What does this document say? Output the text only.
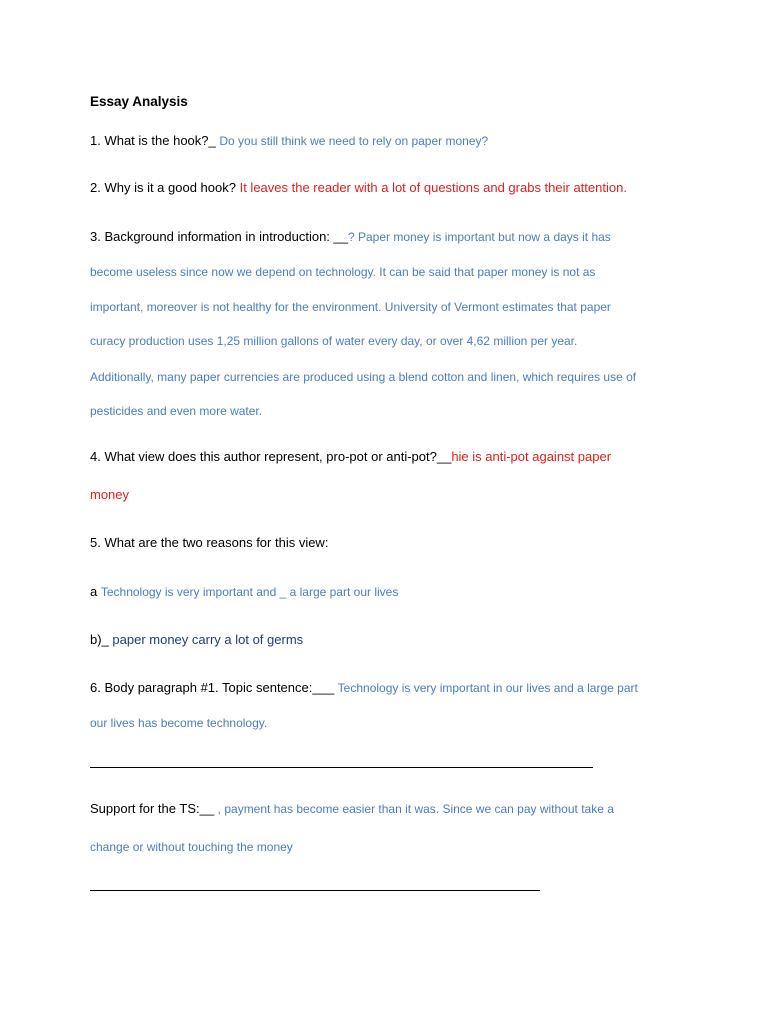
Essay Analysis
1. What is the hook?_ Do you still think we need to rely on paper money?
2. Why is it a good hook? It leaves the reader with a lot of questions and grabs their attention.
3. Background information in introduction: __? Paper money is important but now a days it has
become useless since now we depend on technology. It can be said that paper money is not as
important, moreover is not healthy for the environment. University of Vermont estimates that paper
curacy production uses 1,25 million gallons of water every day, or over 4,62 million per year.
Additionally, many paper currencies are produced using a blend cotton and linen, which requires use of
pesticides and even more water.
4. What view does this author represent, pro-pot or anti-pot?__hie is anti-pot against paper
money
5. What are the two reasons for this view:
a Technology is very important and _ a large part our lives
b)_ paper money carry a lot of germs
6. Body paragraph #1. Topic sentence:___ Technology is very important in our lives and a large part
our lives has become technology.
Support for the TS:__ , payment has become easier than it was. Since we can pay without take a
change or without touching the money
